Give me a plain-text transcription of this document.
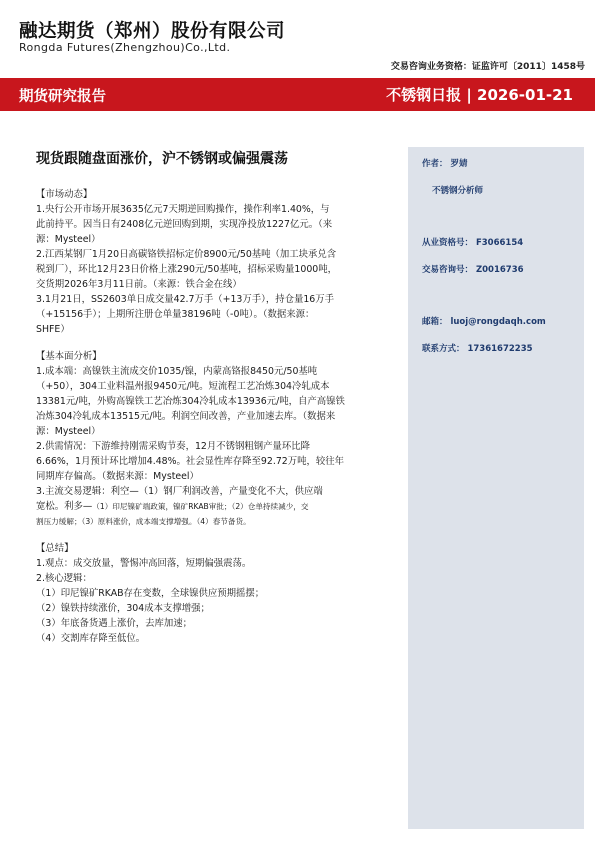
融达期货（郑州）股份有限公司
Rongda Futures(Zhengzhou)Co.,Ltd.
交易咨询业务资格：证监许可〔2011〕1458号
期货研究报告	不锈钢日报 | 2026-01-21
现货跟随盘面涨价，沪不锈钢或偏强震荡	作者： 罗婧
不锈钢分析师
从业资格号： F3066154
交易咨询号： Z0016736
邮箱： luoj@rongdaqh.com
联系方式： 17361672235

【市场动态】

1.央行公开市场开展3635亿元7天期逆回购操作，操作利率1.40%，与

此前持平。因当日有2408亿元逆回购到期，实现净投放1227亿元。（来

源：Mysteel）

2.江西某钢厂1月20日高碳铬铁招标定价8900元/50基吨（加工块承兑含

税到厂），环比12月23日价格上涨290元/50基吨，招标采购量1000吨，

交货期2026年3月11日前。（来源：铁合金在线）

3.1月21日，SS2603单日成交量42.7万手（+13万手），持仓量16万手

（+15156手）；上期所注册仓单量38196吨（-0吨）。（数据来源：

SHFE）

【基本面分析】

1.成本端：高镍铁主流成交价1035/镍，内蒙高铬报8450元/50基吨

（+50），304工业料温州报9450元/吨。短流程工艺冶炼304冷轧成本

13381元/吨，外购高镍铁工艺冶炼304冷轧成本13936元/吨，自产高镍铁

冶炼304冷轧成本13515元/吨。利润空间改善，产业加速去库。（数据来

源：Mysteel）

2.供需情况：下游维持刚需采购节奏，12月不锈钢粗钢产量环比降

6.66%，1月预计环比增加4.48%。社会显性库存降至92.72万吨，较往年

同期库存偏高。（数据来源：Mysteel）

3.主流交易逻辑：利空—（1）钢厂利润改善，产量变化不大，供应端

宽松。利多—（1）印尼镍矿端政策，镍矿RKAB审批；（2）仓单持续减少，交

割压力缓解；（3）原料涨价，成本端支撑增强。（4）春节备货。

【总结】

1.观点：成交放量，警惕冲高回落，短期偏强震荡。

2.核心逻辑：

（1）印尼镍矿RKAB存在变数，全球镍供应预期摇摆；

（2）镍铁持续涨价，304成本支撑增强；

（3）年底备货遇上涨价，去库加速；

（4）交割库存降至低位。
